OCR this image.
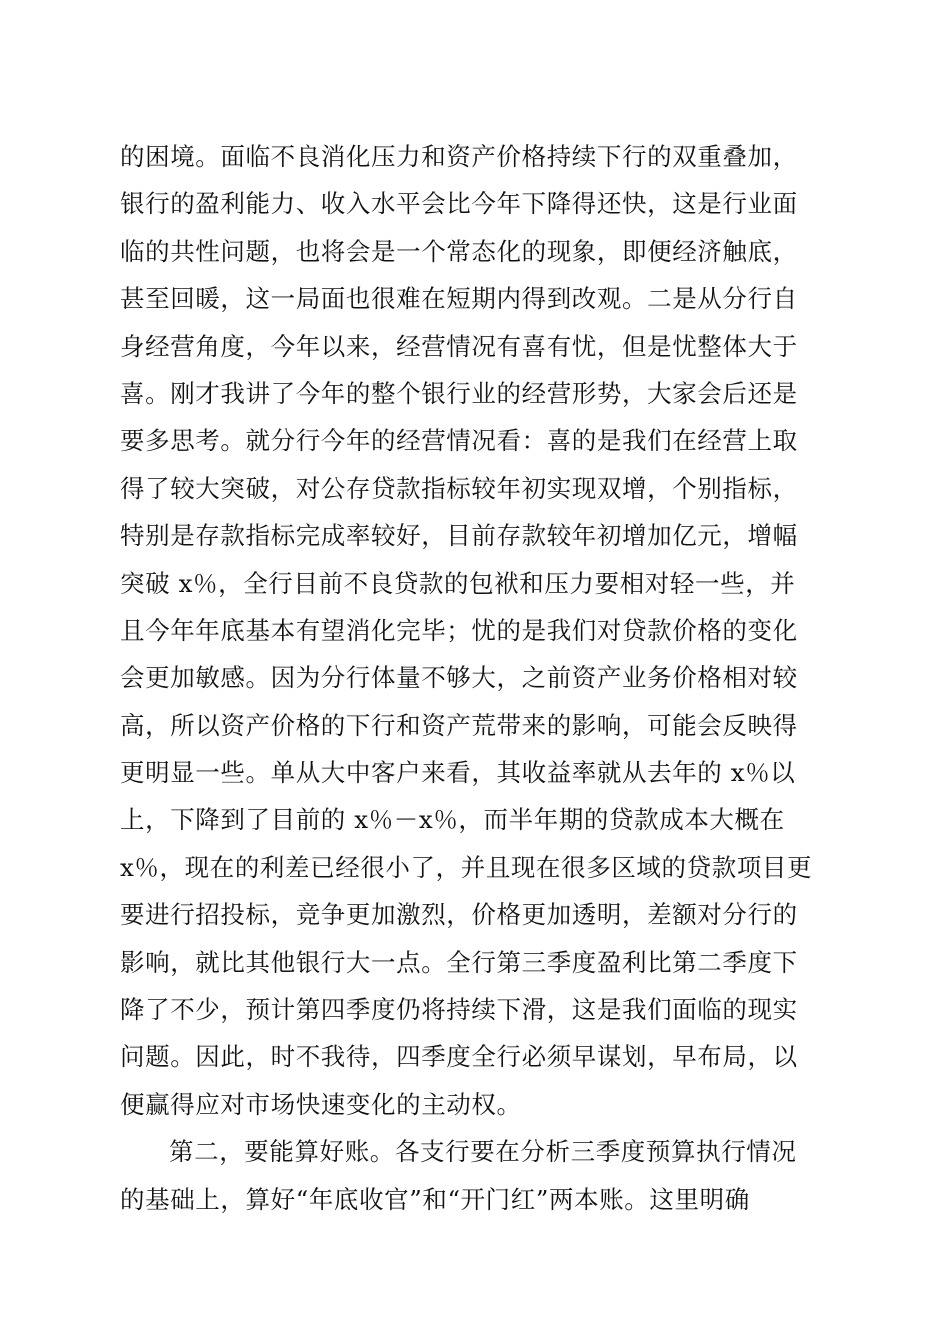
的困境。面临不良消化压力和资产价格持续下行的双重叠加，
银行的盈利能力、收入水平会比今年下降得还快，这是行业面
临的共性问题，也将会是一个常态化的现象，即便经济触底，
甚至回暖，这一局面也很难在短期内得到改观。二是从分行自
身经营角度，今年以来，经营情况有喜有忧，但是忧整体大于
喜。刚才我讲了今年的整个银行业的经营形势，大家会后还是
要多思考。就分行今年的经营情况看：喜的是我们在经营上取
得了较大突破，对公存贷款指标较年初实现双增，个别指标，
特别是存款指标完成率较好，目前存款较年初增加亿元，增幅
突破 x％，全行目前不良贷款的包袱和压力要相对轻一些，并
且今年年底基本有望消化完毕；忧的是我们对贷款价格的变化
会更加敏感。因为分行体量不够大，之前资产业务价格相对较
高，所以资产价格的下行和资产荒带来的影响，可能会反映得
更明显一些。单从大中客户来看，其收益率就从去年的 x％以
上，下降到了目前的 x％－x％，而半年期的贷款成本大概在
x％，现在的利差已经很小了，并且现在很多区域的贷款项目更
要进行招投标，竞争更加激烈，价格更加透明，差额对分行的
影响，就比其他银行大一点。全行第三季度盈利比第二季度下
降了不少，预计第四季度仍将持续下滑，这是我们面临的现实
问题。因此，时不我待，四季度全行必须早谋划，早布局，以
便赢得应对市场快速变化的主动权。
第二，要能算好账。各支行要在分析三季度预算执行情况
的基础上，算好“年底收官”和“开门红”两本账。这里明确
